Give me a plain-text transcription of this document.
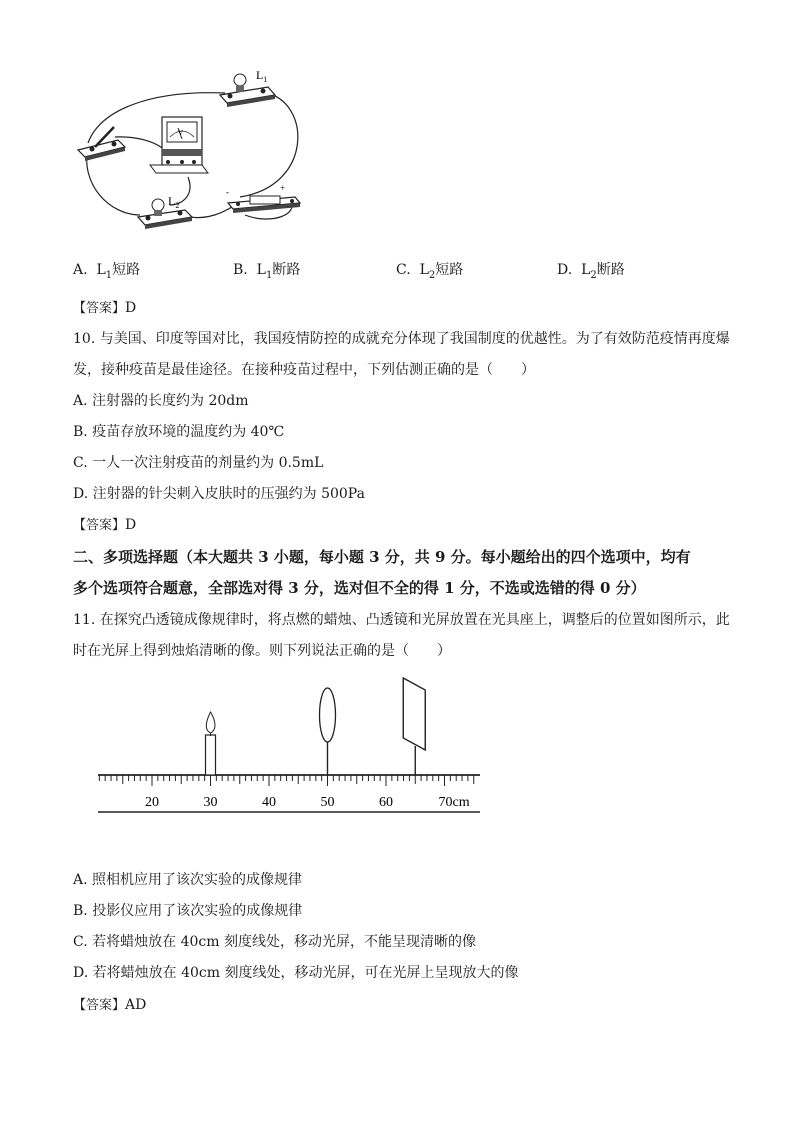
$L_1$
V
$L_2$
-	+
A. $L_1$短路	B. $L_1$断路	C. $L_2$短路	D. $L_2$断路
【答案】D
10. 与美国、印度等国对比，我国疫情防控的成就充分体现了我国制度的优越性。为了有效防范疫情再度爆
发，接种疫苗是最佳途径。在接种疫苗过程中，下列估测正确的是（　　）
A. 注射器的长度约为 20dm
B. 疫苗存放环境的温度约为 40℃
C. 一人一次注射疫苗的剂量约为 0.5mL
D. 注射器的针尖刺入皮肤时的压强约为 500Pa
【答案】D
二、多项选择题（本大题共 3 小题，每小题 3 分，共 9 分。每小题给出的四个选项中，均有
多个选项符合题意，全部选对得 3 分，选对但不全的得 1 分，不选或选错的得 0 分）
11. 在探究凸透镜成像规律时，将点燃的蜡烛、凸透镜和光屏放置在光具座上，调整后的位置如图所示，此
时在光屏上得到烛焰清晰的像。则下列说法正确的是（　　）
20	30	40	50	60	70cm
A. 照相机应用了该次实验的成像规律
B. 投影仪应用了该次实验的成像规律
C. 若将蜡烛放在 40cm 刻度线处，移动光屏，不能呈现清晰的像
D. 若将蜡烛放在 40cm 刻度线处，移动光屏，可在光屏上呈现放大的像
【答案】AD
